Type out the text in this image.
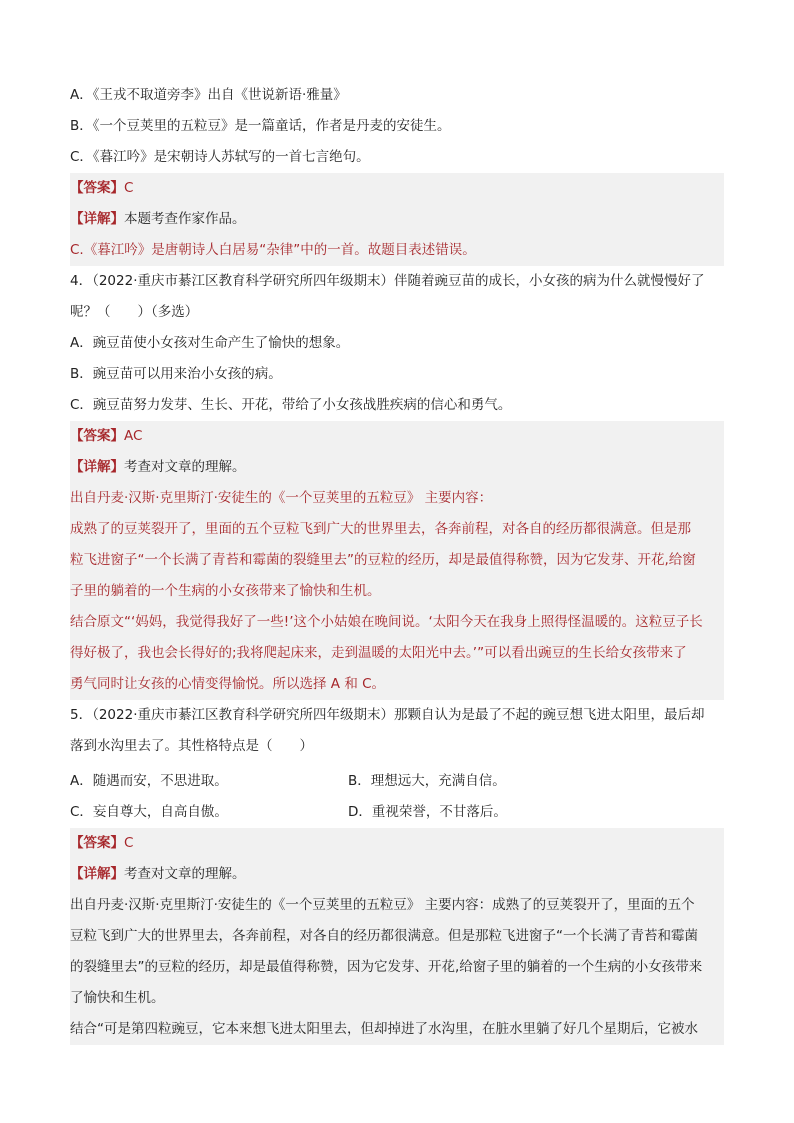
A．《王戎不取道旁李》出自《世说新语·雅量》
B．《一个豆荚里的五粒豆》是一篇童话，作者是丹麦的安徒生。
C．《暮江吟》是宋朝诗人苏轼写的一首七言绝句。
【答案】C
【详解】本题考查作家作品。
C.《暮江吟》是唐朝诗人白居易“杂律”中的一首。故题目表述错误。
4．（2022·重庆市綦江区教育科学研究所四年级期末）伴随着豌豆苗的成长，小女孩的病为什么就慢慢好了
呢？（　　）（多选）
A．豌豆苗使小女孩对生命产生了愉快的想象。
B．豌豆苗可以用来治小女孩的病。
C．豌豆苗努力发芽、生长、开花，带给了小女孩战胜疾病的信心和勇气。
【答案】AC
【详解】考查对文章的理解。
出自丹麦·汉斯·克里斯汀·安徒生的《一个豆荚里的五粒豆》 主要内容：
成熟了的豆荚裂开了，里面的五个豆粒飞到广大的世界里去，各奔前程，对各自的经历都很满意。但是那
粒飞进窗子“一个长满了青苔和霉菌的裂缝里去”的豆粒的经历，却是最值得称赞，因为它发芽、开花,给窗
子里的躺着的一个生病的小女孩带来了愉快和生机。
结合原文“‘妈妈，我觉得我好了一些!’这个小姑娘在晚间说。‘太阳今天在我身上照得怪温暖的。这粒豆子长
得好极了，我也会长得好的;我将爬起床来，走到温暖的太阳光中去。’”可以看出豌豆的生长给女孩带来了
勇气同时让女孩的心情变得愉悦。所以选择 A 和 C。
5．（2022·重庆市綦江区教育科学研究所四年级期末）那颗自认为是最了不起的豌豆想飞进太阳里，最后却
落到水沟里去了。其性格特点是（　　）
A．随遇而安，不思进取。	B．理想远大，充满自信。
C．妄自尊大，自高自傲。	D．重视荣誉，不甘落后。
【答案】C
【详解】考查对文章的理解。
出自丹麦·汉斯·克里斯汀·安徒生的《一个豆荚里的五粒豆》 主要内容：成熟了的豆荚裂开了，里面的五个
豆粒飞到广大的世界里去，各奔前程，对各自的经历都很满意。但是那粒飞进窗子“一个长满了青苔和霉菌
的裂缝里去”的豆粒的经历，却是最值得称赞，因为它发芽、开花,给窗子里的躺着的一个生病的小女孩带来
了愉快和生机。
结合“可是第四粒豌豆，它本来想飞进太阳里去，但却掉进了水沟里，在脏水里躺了好几个星期后，它被水
